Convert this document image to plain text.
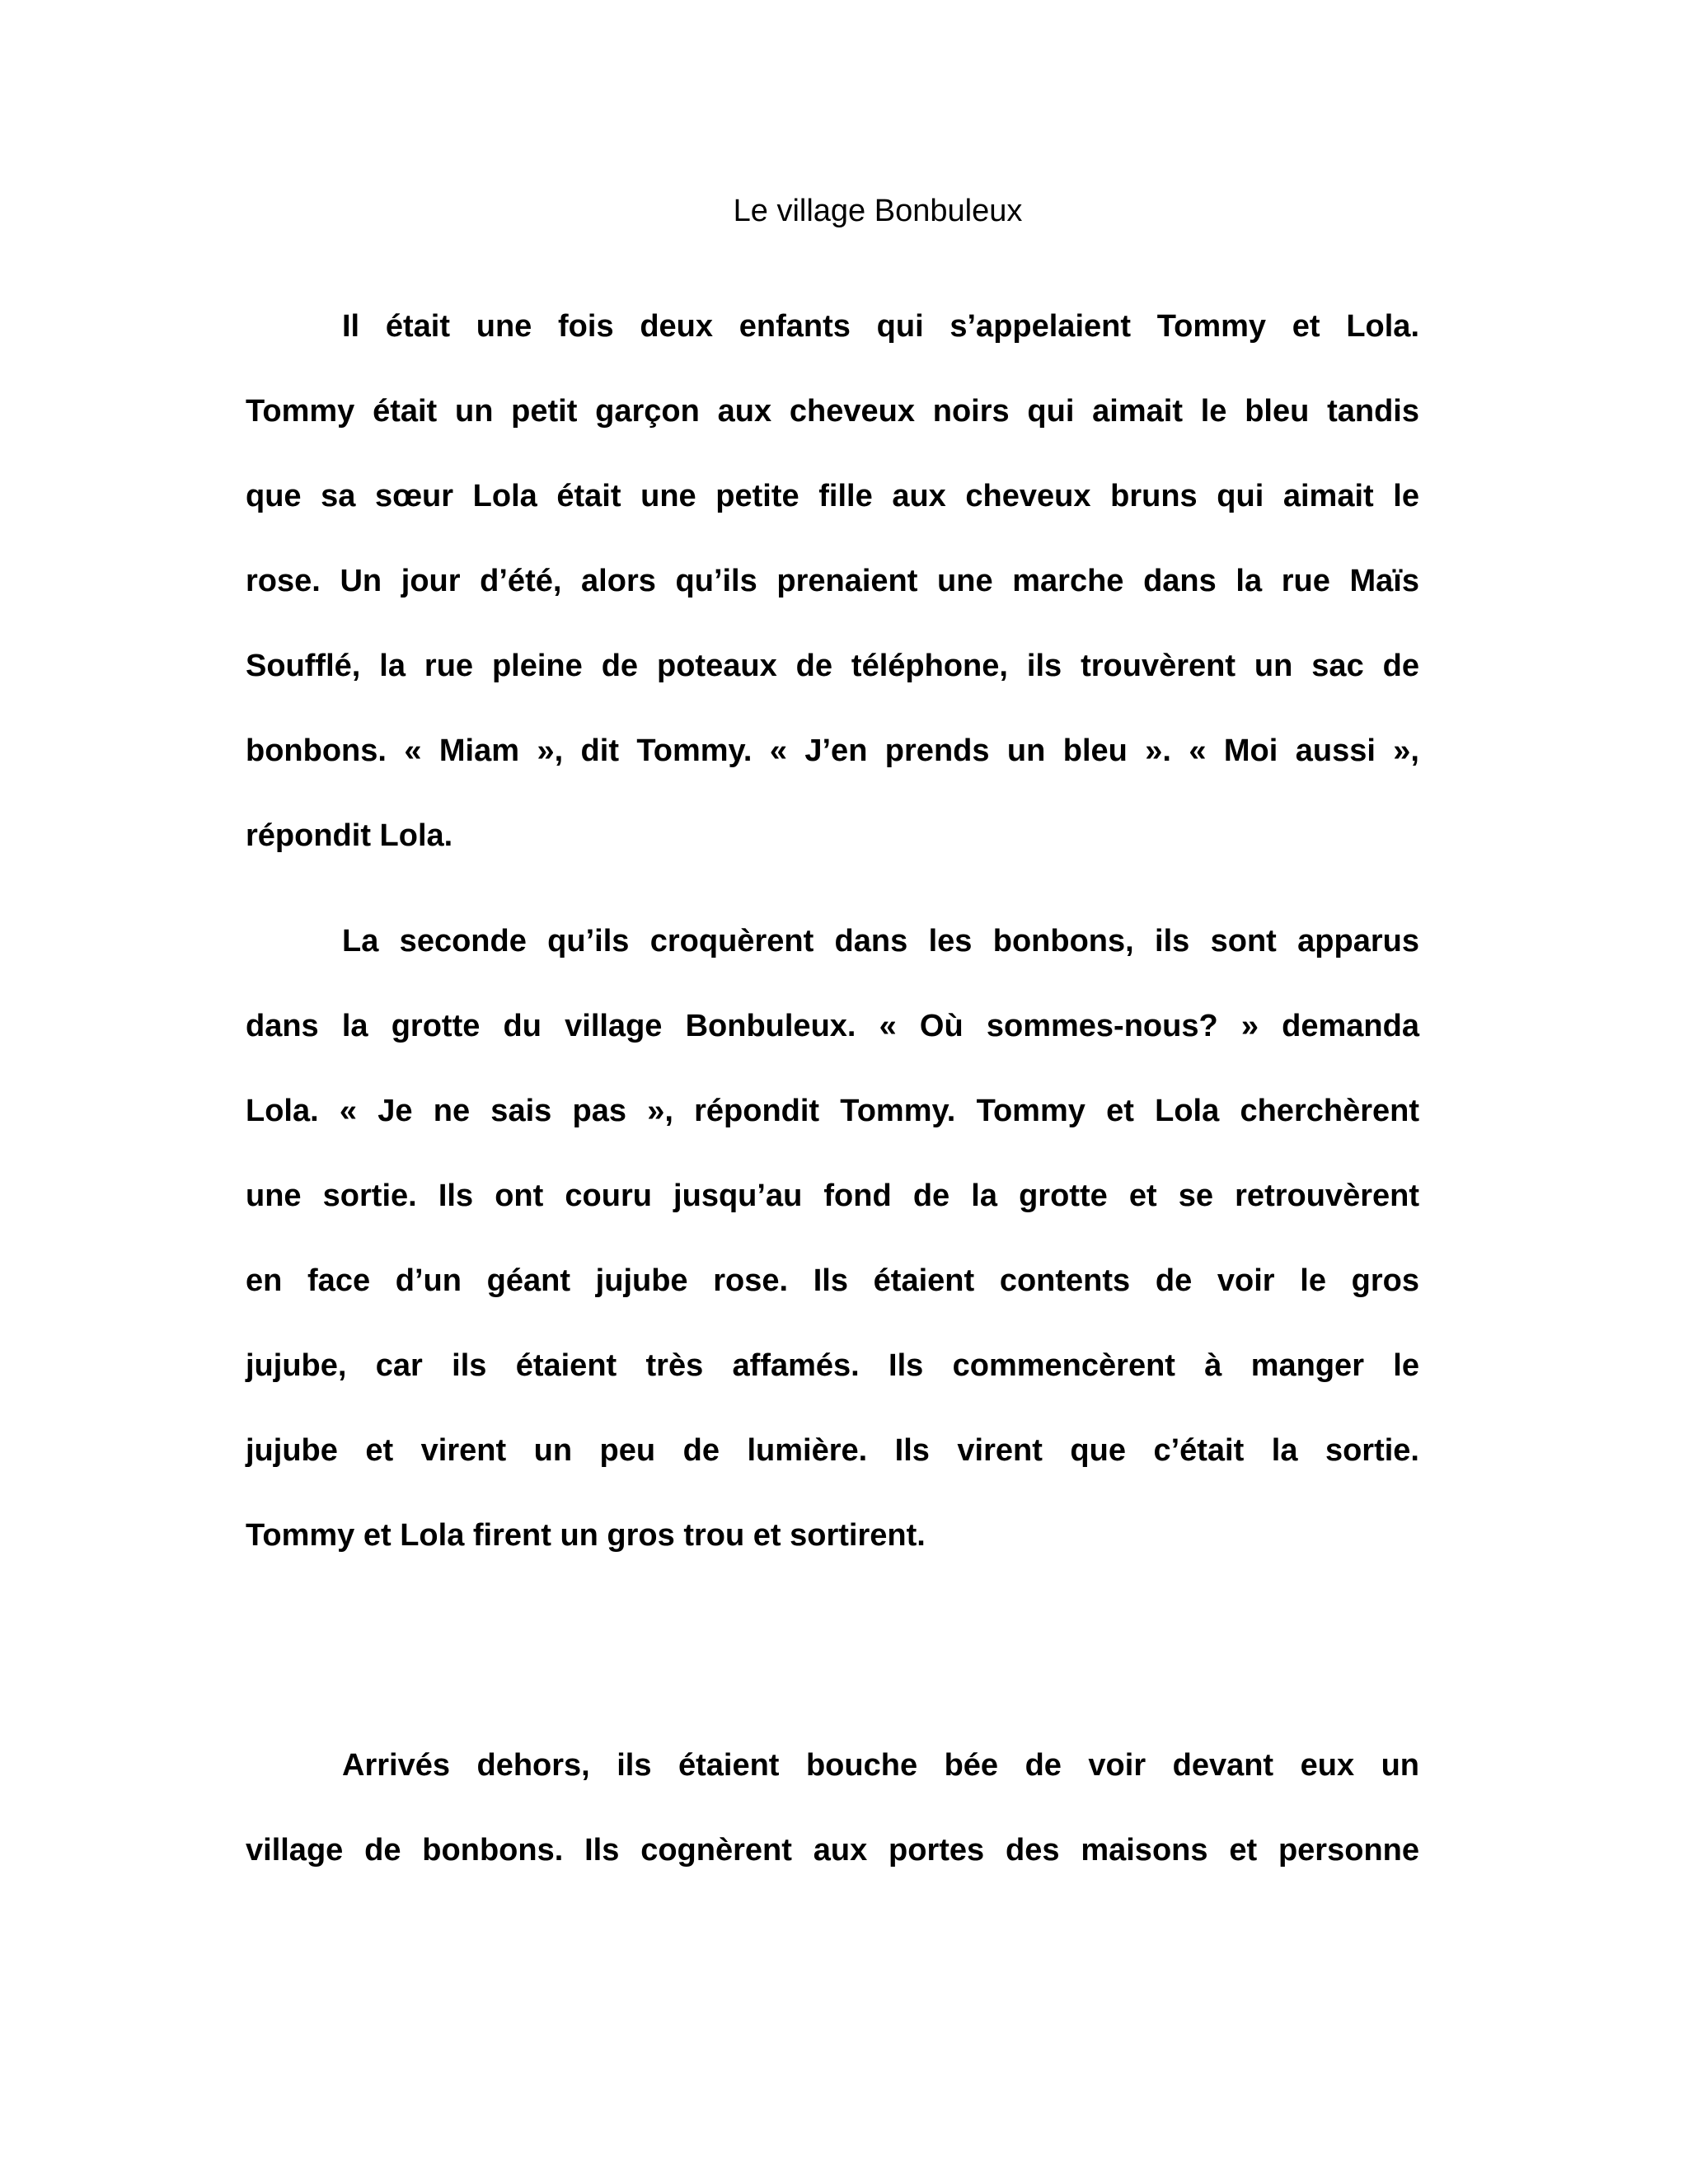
Le village Bonbuleux
Il était une fois deux enfants qui s’appelaient Tommy et Lola.
Tommy était un petit garçon aux cheveux noirs qui aimait le bleu tandis
que sa sœur Lola était une petite fille aux cheveux bruns qui aimait le
rose. Un jour d’été, alors qu’ils prenaient une marche dans la rue Maïs
Soufflé, la rue pleine de poteaux de téléphone, ils trouvèrent un sac de
bonbons. « Miam », dit Tommy. « J’en prends un bleu ». « Moi aussi »,
répondit Lola.
La seconde qu’ils croquèrent dans les bonbons, ils sont apparus
dans la grotte du village Bonbuleux. « Où sommes-nous? » demanda
Lola. « Je ne sais pas », répondit Tommy. Tommy et Lola cherchèrent
une sortie. Ils ont couru jusqu’au fond de la grotte et se retrouvèrent
en face d’un géant jujube rose. Ils étaient contents de voir le gros
jujube, car ils étaient très affamés. Ils commencèrent à manger le
jujube et virent un peu de lumière. Ils virent que c’était la sortie.
Tommy et Lola firent un gros trou et sortirent.
Arrivés dehors, ils étaient bouche bée de voir devant eux un
village de bonbons. Ils cognèrent aux portes des maisons et personne
